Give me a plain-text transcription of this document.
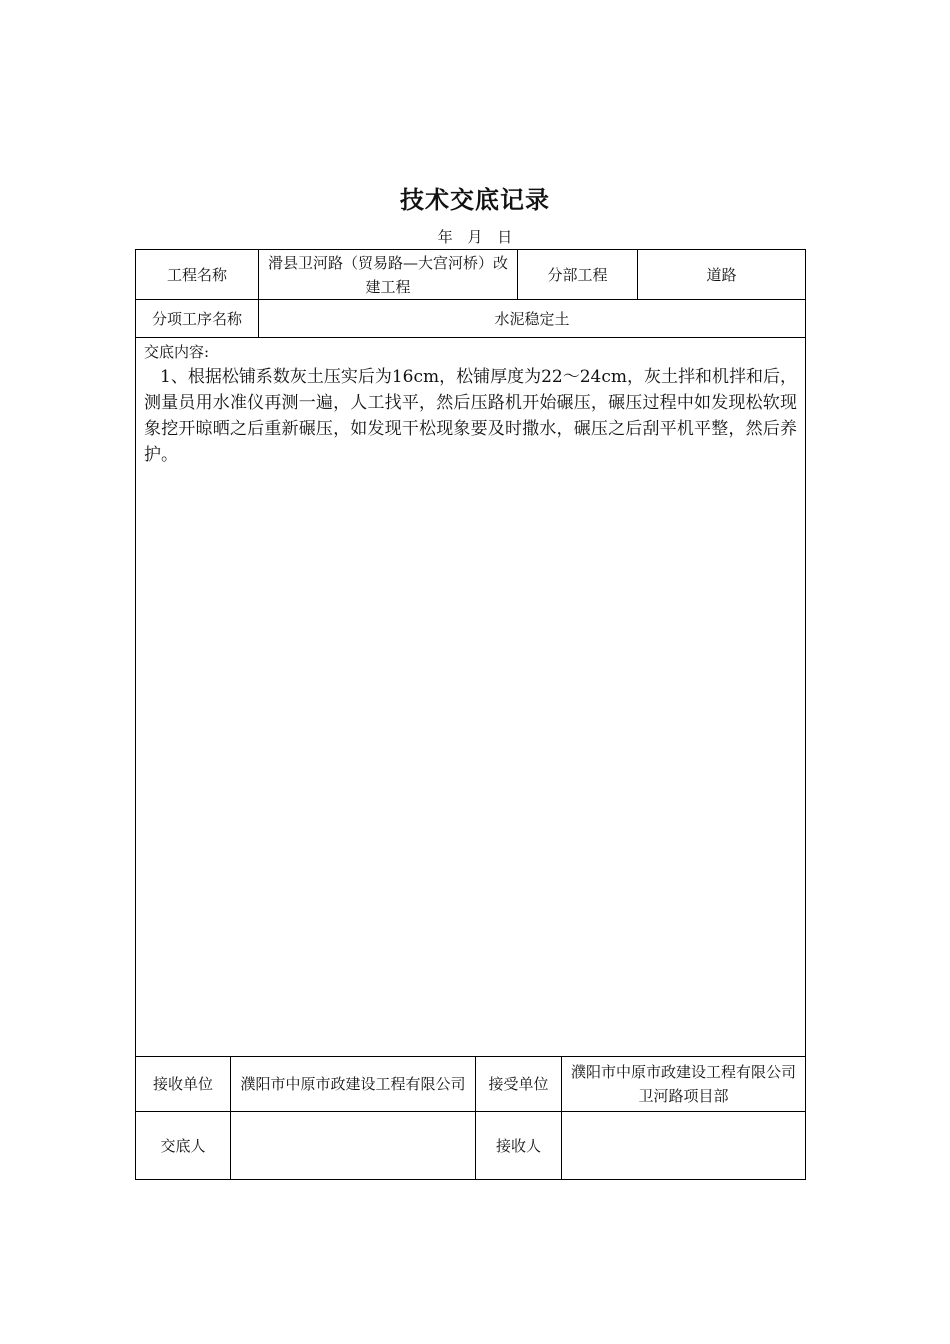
技术交底记录
年 月 日
工程名称	滑县卫河路（贸易路—大宫河桥）改建工程	分部工程	道路
分项工序名称	水泥稳定土		

交底内容:
1、根据松铺系数灰土压实后为16cm，松铺厚度为22～24cm，灰土拌和机拌和后，测量员用水准仪再测一遍，人工找平，然后压路机开始碾压，碾压过程中如发现松软现象挖开晾晒之后重新碾压，如发现干松现象要及时撒水，碾压之后刮平机平整，然后养护。			
接收单位	濮阳市中原市政建设工程有限公司	接受单位	濮阳市中原市政建设工程有限公司卫河路项目部
交底人		接收人	
